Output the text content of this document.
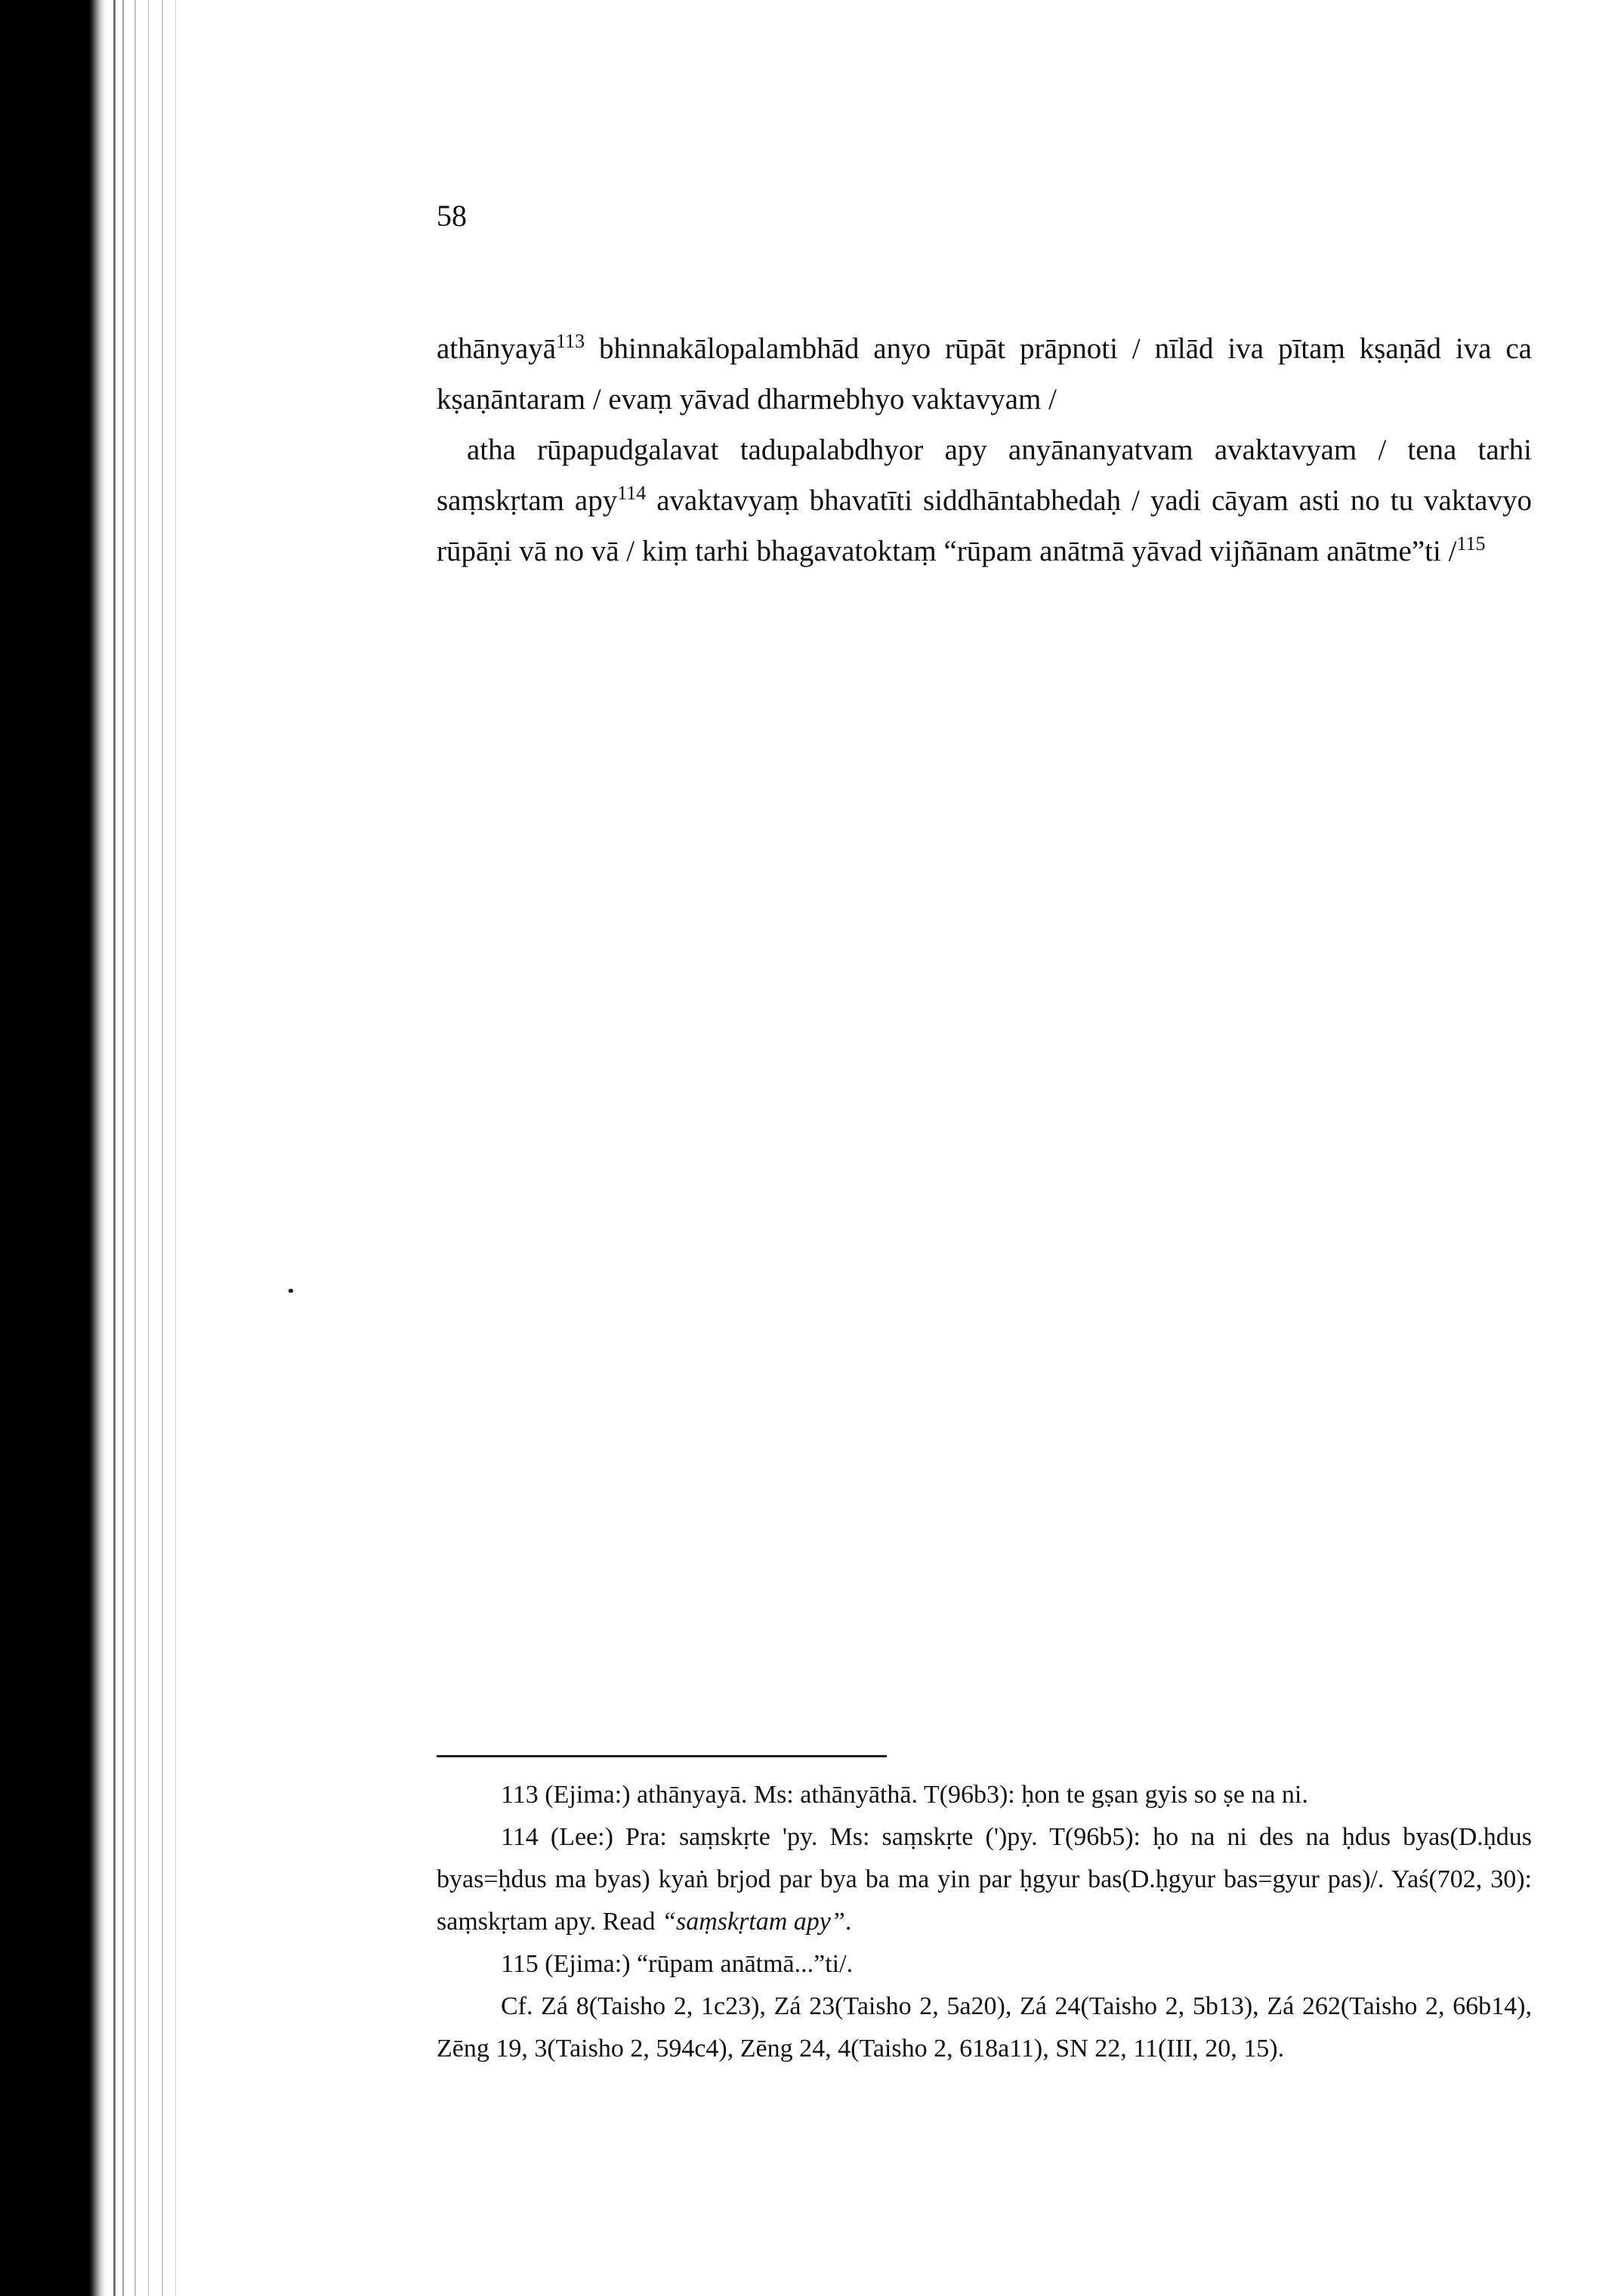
58

athānyayā$^{113}$ bhinnakālopalambhād anyo rūpāt prāpnoti / nīlād iva pītaṃ kṣaṇād iva ca kṣaṇāntaram / evaṃ yāvad dharmebhyo vaktavyam /

atha rūpapudgalavat tadupalabdhyor apy anyānanyatvam avaktavyam / tena tarhi saṃskṛtam apy$^{114}$ avaktavyaṃ bhavatīti siddhāntabhedaḥ / yadi cāyam asti no tu vaktavyo rūpāṇi vā no vā / kiṃ tarhi bhagavatoktaṃ “rūpam anātmā yāvad vijñānam anātme”ti /$^{115}$

113 (Ejima:) athānyayā. Ms: athānyāthā. T(96b3): ḥon te gṣan gyis so ṣe na ni.

114 (Lee:) Pra: saṃskṛte 'py. Ms: saṃskṛte (')py. T(96b5): ḥo na ni des na ḥdus byas(D.ḥdus byas=ḥdus ma byas) kyaṅ brjod par bya ba ma yin par ḥgyur bas(D.ḥgyur bas=gyur pas)/. Yaś(702, 30): saṃskṛtam apy. Read “saṃskṛtam apy”.

115 (Ejima:) “rūpam anātmā...”ti/.

Cf. Zá 8(Taisho 2, 1c23), Zá 23(Taisho 2, 5a20), Zá 24(Taisho 2, 5b13), Zá 262(Taisho 2, 66b14), Zēng 19, 3(Taisho 2, 594c4), Zēng 24, 4(Taisho 2, 618a11), SN 22, 11(III, 20, 15).
